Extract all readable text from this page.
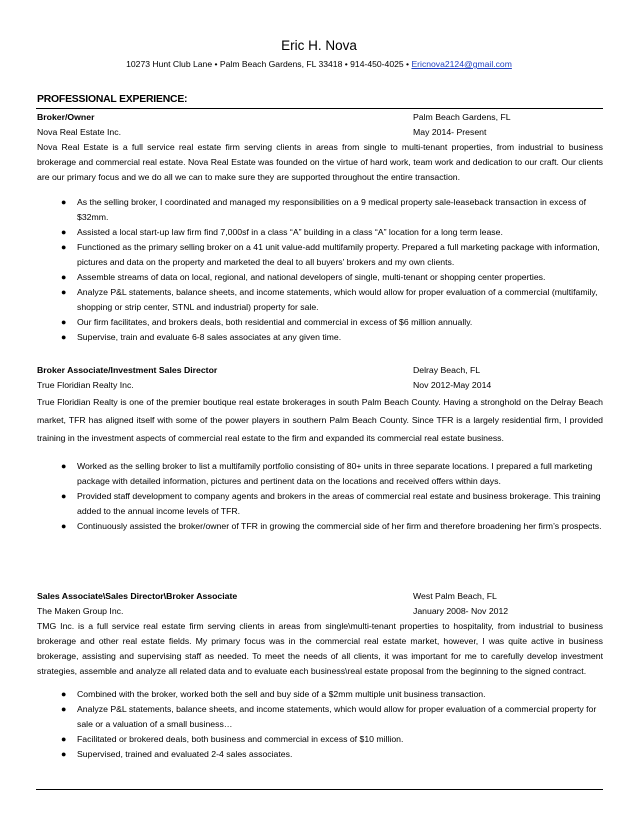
Eric H. Nova
10273 Hunt Club Lane • Palm Beach Gardens, FL 33418 • 914-450-4025 • Ericnova2124@gmail.com
PROFESSIONAL EXPERIENCE:
Broker/Owner	Palm Beach Gardens, FL
Nova Real Estate Inc.	May 2014- Present

Nova Real Estate is a full service real estate firm serving clients in areas from single to multi-tenant properties, from industrial to business brokerage and commercial real estate. Nova Real Estate was founded on the virtue of hard work, team work and dedication to our craft. Our clients are our primary focus and we do all we can to make sure they are supported throughout the entire transaction.

● As the selling broker, I coordinated and managed my responsibilities on a 9 medical property sale-leaseback transaction in excess of $32mm.
● Assisted a local start-up law firm find 7,000sf in a class “A” building in a class “A” location for a long term lease.
● Functioned as the primary selling broker on a 41 unit value-add multifamily property. Prepared a full marketing package with information, pictures and data on the property and marketed the deal to all buyers’ brokers and my own clients.
● Assemble streams of data on local, regional, and national developers of single, multi-tenant or shopping center properties.
● Analyze P&L statements, balance sheets, and income statements, which would allow for proper evaluation of a commercial (multifamily, shopping or strip center, STNL and industrial) property for sale.
● Our firm facilitates, and brokers deals, both residential and commercial in excess of $6 million annually.
● Supervise, train and evaluate 6-8 sales associates at any given time.
Broker Associate/Investment Sales Director	Delray Beach, FL
True Floridian Realty Inc.	Nov 2012-May 2014

True Floridian Realty is one of the premier boutique real estate brokerages in south Palm Beach County. Having a stronghold on the Delray Beach market, TFR has aligned itself with some of the power players in southern Palm Beach County. Since TFR is a largely residential firm, I provided training in the investment aspects of commercial real estate to the firm and expanded its commercial real estate business.

● Worked as the selling broker to list a multifamily portfolio consisting of 80+ units in three separate locations. I prepared a full marketing package with detailed information, pictures and pertinent data on the locations and received offers within days.
● Provided staff development to company agents and brokers in the areas of commercial real estate and business brokerage. This training added to the annual income levels of TFR.
● Continuously assisted the broker/owner of TFR in growing the commercial side of her firm and therefore broadening her firm’s prospects.
Sales Associate\Sales Director\Broker Associate	West Palm Beach, FL
The Maken Group Inc.	January 2008- Nov 2012

TMG Inc. is a full service real estate firm serving clients in areas from single\multi-tenant properties to hospitality, from industrial to business brokerage and other real estate fields. My primary focus was in the commercial real estate market, however, I was quite active in business brokerage, assisting and supervising staff as needed. To meet the needs of all clients, it was important for me to carefully develop investment strategies, assemble and analyze all related data and to evaluate each business\real estate proposal from the beginning to the signed contract.

● Combined with the broker, worked both the sell and buy side of a $2mm multiple unit business transaction.
● Analyze P&L statements, balance sheets, and income statements, which would allow for proper evaluation of a commercial property for sale or a valuation of a small business…
● Facilitated or brokered deals, both business and commercial in excess of $10 million.
● Supervised, trained and evaluated 2-4 sales associates.
